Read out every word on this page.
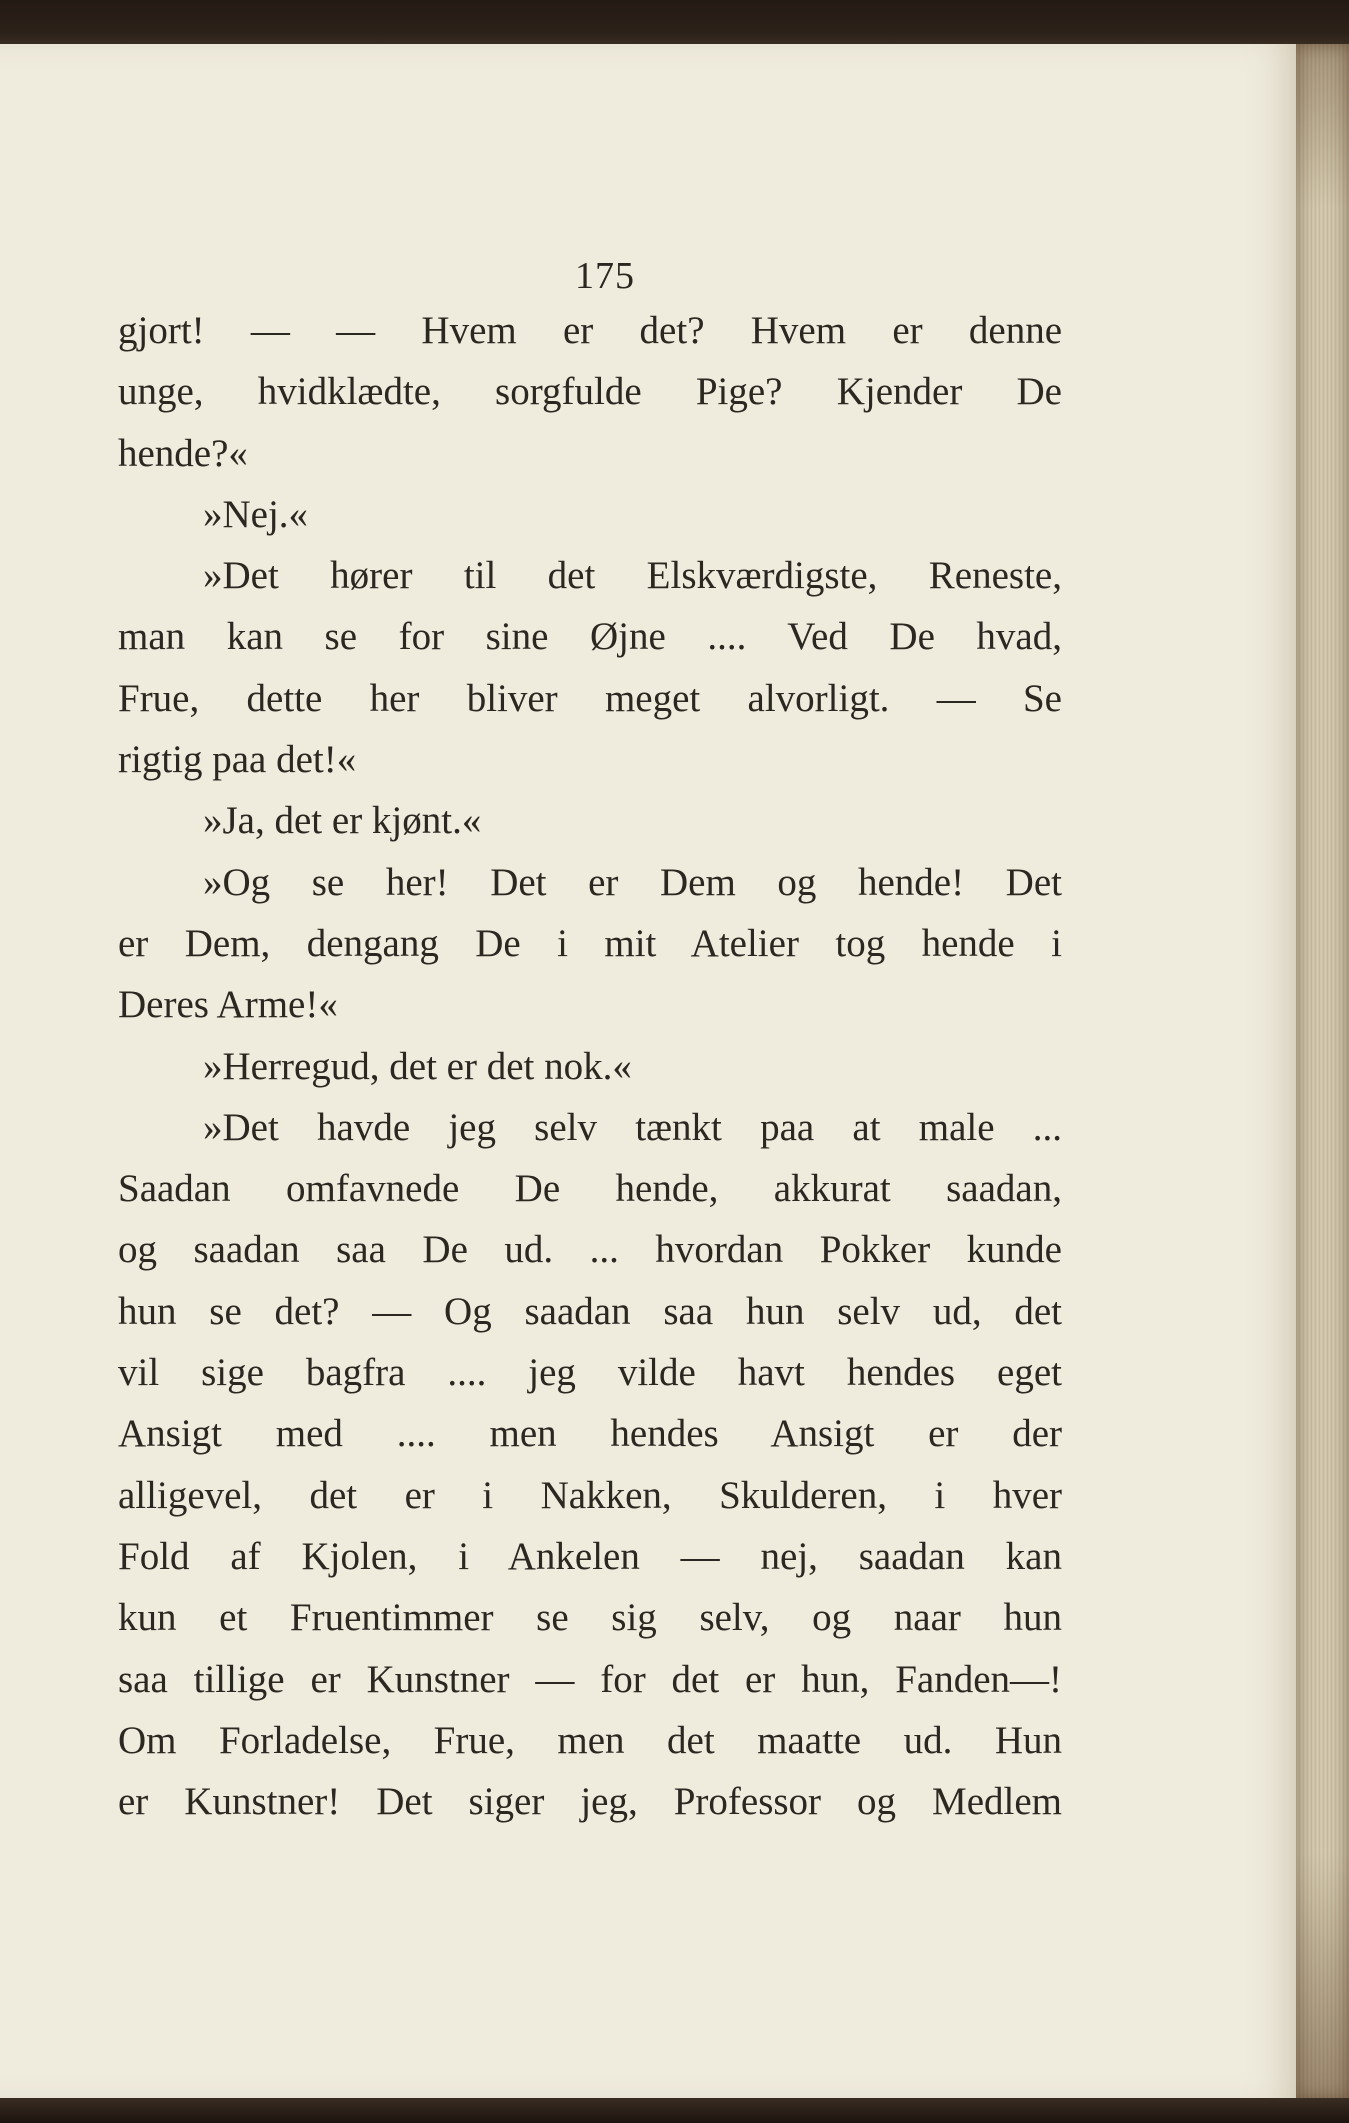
175
gjort! — — Hvem er det? Hvem er denne
unge, hvidklædte, sorgfulde Pige? Kjender De
hende?«
»Nej.«
»Det hører til det Elskværdigste, Reneste,
man kan se for sine Øjne .... Ved De hvad,
Frue, dette her bliver meget alvorligt. — Se
rigtig paa det!«
»Ja, det er kjønt.«
»Og se her! Det er Dem og hende! Det
er Dem, dengang De i mit Atelier tog hende i
Deres Arme!«
»Herregud, det er det nok.«
»Det havde jeg selv tænkt paa at male ...
Saadan omfavnede De hende, akkurat saadan,
og saadan saa De ud. ... hvordan Pokker kunde
hun se det? — Og saadan saa hun selv ud, det
vil sige bagfra .... jeg vilde havt hendes eget
Ansigt med .... men hendes Ansigt er der
alligevel, det er i Nakken, Skulderen, i hver
Fold af Kjolen, i Ankelen — nej, saadan kan
kun et Fruentimmer se sig selv, og naar hun
saa tillige er Kunstner — for det er hun, Fanden—!
Om Forladelse, Frue, men det maatte ud. Hun
er Kunstner! Det siger jeg, Professor og Medlem
